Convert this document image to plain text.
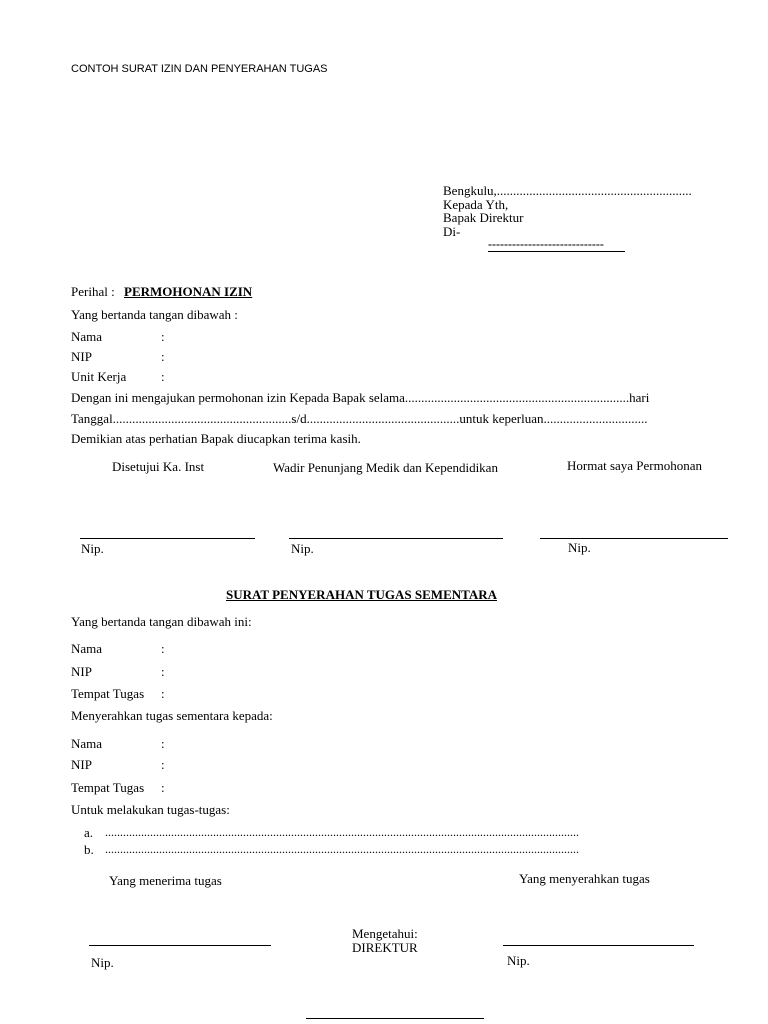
CONTOH SURAT IZIN DAN PENYERAHAN TUGAS
Bengkulu,............................................................
Kepada Yth,
Bapak Direktur
Di-
-----------------------------
Perihal : PERMOHONAN IZIN
Yang bertanda tangan dibawah :
Nama	:
NIP	:
Unit Kerja	:
Dengan ini mengajukan permohonan izin Kepada Bapak selama.....................................................................hari
Tanggal.......................................................s/d...............................................untuk keperluan................................
Demikian atas perhatian Bapak diucapkan terima kasih.
Disetujui Ka. Inst	Wadir Penunjang Medik dan Kependidikan	Hormat saya Permohonan
Nip.	Nip.	Nip.
SURAT PENYERAHAN TUGAS SEMENTARA
Yang bertanda tangan dibawah ini:
Nama	:
NIP	:
Tempat Tugas :
Menyerahkan tugas sementara kepada:
Nama	:
NIP	:
Tempat Tugas :
Untuk melakukan tugas-tugas:
a. ..............................................................................................................................................................
b. ..............................................................................................................................................................
Yang menerima tugas	Yang menyerahkan tugas
Mengetahui:
DIREKTUR
Nip.	Nip.
